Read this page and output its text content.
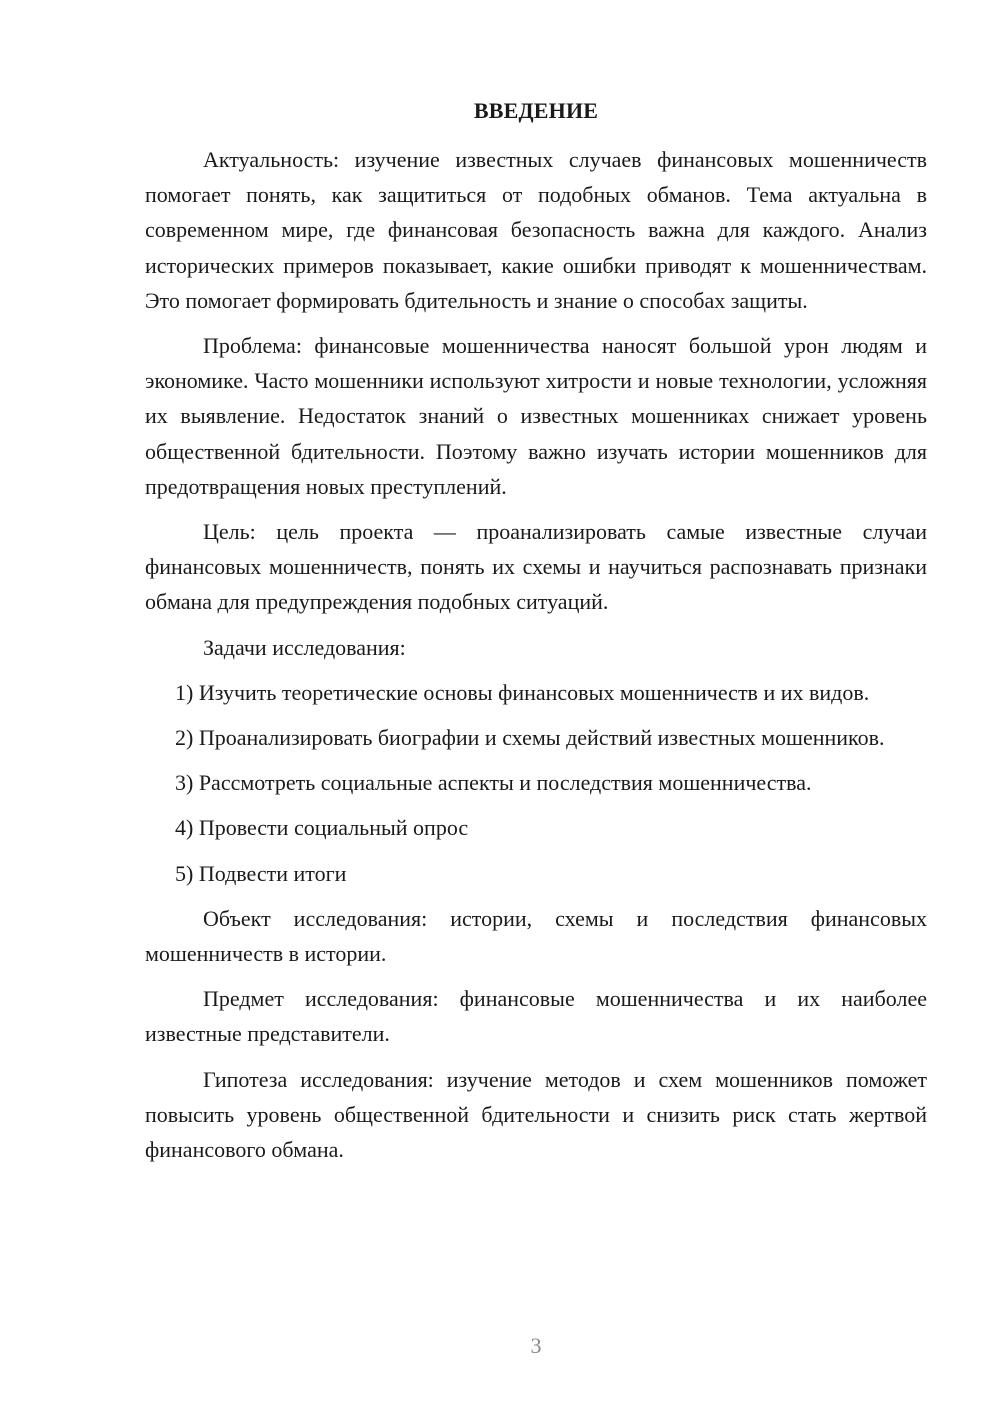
ВВЕДЕНИЕ

Актуальность: изучение известных случаев финансовых мошенничеств помогает понять, как защититься от подобных обманов. Тема актуальна в современном мире, где финансовая безопасность важна для каждого. Анализ исторических примеров показывает, какие ошибки приводят к мошенничествам. Это помогает формировать бдительность и знание о способах защиты.

Проблема: финансовые мошенничества наносят большой урон людям и экономике. Часто мошенники используют хитрости и новые технологии, усложняя их выявление. Недостаток знаний о известных мошенниках снижает уровень общественной бдительности. Поэтому важно изучать истории мошенников для предотвращения новых преступлений.

Цель: цель проекта — проанализировать самые известные случаи финансовых мошенничеств, понять их схемы и научиться распознавать признаки обмана для предупреждения подобных ситуаций.

Задачи исследования:

1) Изучить теоретические основы финансовых мошенничеств и их видов.

2) Проанализировать биографии и схемы действий известных мошенников.

3) Рассмотреть социальные аспекты и последствия мошенничества.

4) Провести социальный опрос

5) Подвести итоги

Объект исследования: истории, схемы и последствия финансовых мошенничеств в истории.

Предмет исследования: финансовые мошенничества и их наиболее известные представители.

Гипотеза исследования: изучение методов и схем мошенников поможет повысить уровень общественной бдительности и снизить риск стать жертвой финансового обмана.

3
